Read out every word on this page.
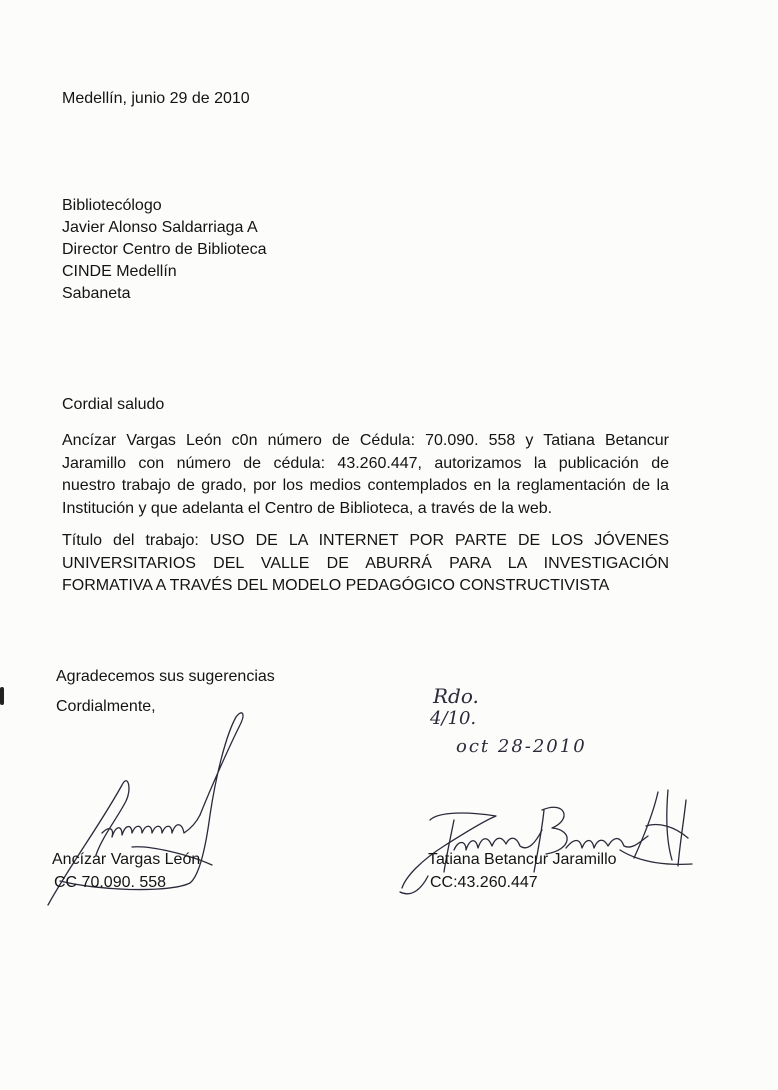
Medellín, junio 29 de 2010
Bibliotecólogo
Javier Alonso Saldarriaga A
Director Centro de Biblioteca
CINDE Medellín
Sabaneta
Cordial saludo
Ancízar Vargas León c0n número de Cédula: 70.090. 558 y Tatiana Betancur
Jaramillo con número de cédula: 43.260.447, autorizamos la publicación de
nuestro trabajo de grado, por los medios contemplados en la reglamentación de la
Institución y que adelanta el Centro de Biblioteca, a través de la web.
Título del trabajo: USO DE LA INTERNET POR PARTE DE LOS JÓVENES
UNIVERSITARIOS DEL VALLE DE ABURRÁ PARA LA INVESTIGACIÓN
FORMATIVA A TRAVÉS DEL MODELO PEDAGÓGICO CONSTRUCTIVISTA
Agradecemos sus sugerencias
Cordialmente,	Rdo.
4/10.
oct 28-2010
Ancízar Vargas León
CC 70.090. 558
Tatiana Betancur Jaramillo
CC:43.260.447
